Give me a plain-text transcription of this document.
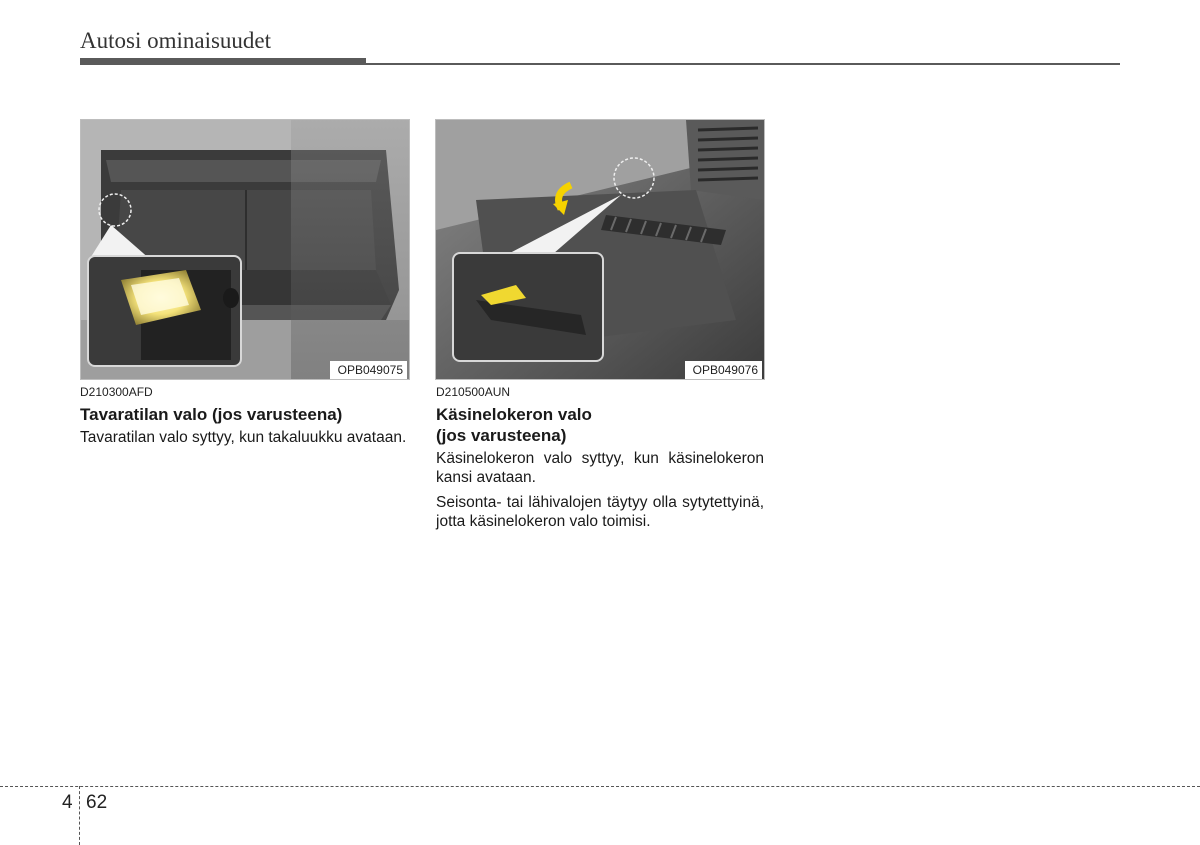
Autosi ominaisuudet
OPB049075	OPB049076
D210300AFD
Tavaratilan valo (jos varusteena)

Tavaratilan valo syttyy, kun takaluukku avataan.

D210500AUN
Käsinelokeron valo
(jos varusteena)

Käsinelokeron valo syttyy, kun käsinelokeron kansi avataan.

Seisonta- tai lähivalojen täytyy olla sytytettyinä, jotta käsinelokeron valo toimisi.

4 62
